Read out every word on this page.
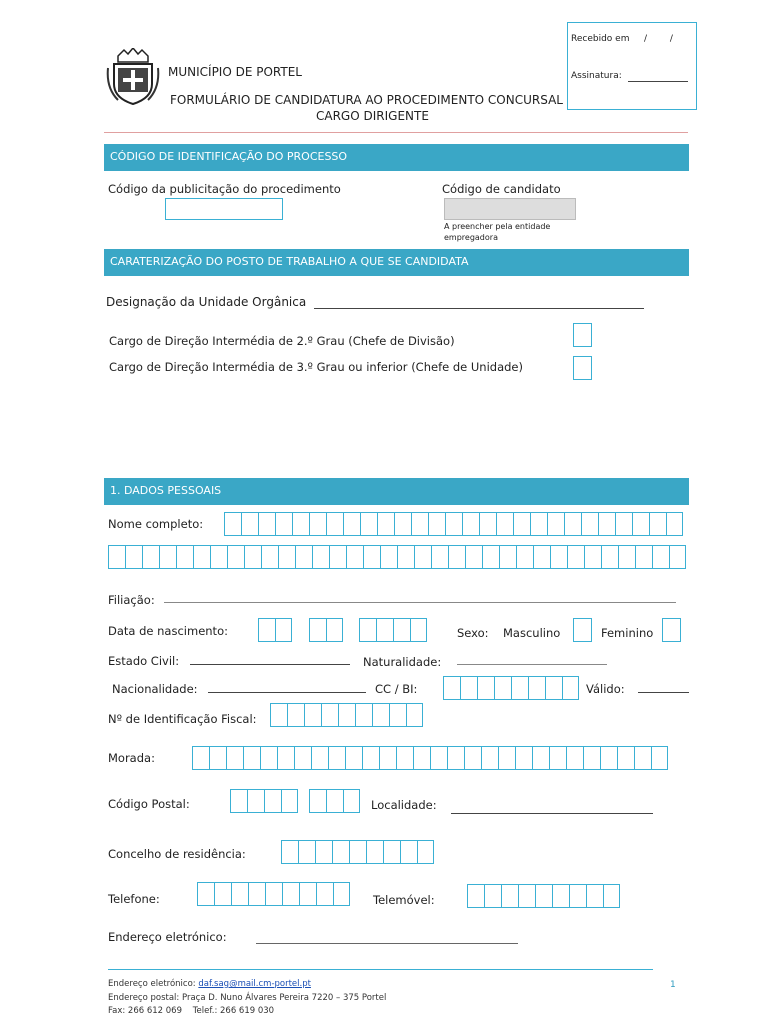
MUNICÍPIO DE PORTEL
FORMULÁRIO DE CANDIDATURA AO PROCEDIMENTO CONCURSAL
CARGO DIRIGENTE
Recebido em /        /
Assinatura:
CÓDIGO DE IDENTIFICAÇÃO DO PROCESSO
Código da publicitação do procedimento	Código de candidato
A preencher pela entidade empregadora
CARATERIZAÇÃO DO POSTO DE TRABALHO A QUE SE CANDIDATA
Designação da Unidade Orgânica
Cargo de Direção Intermédia de 2.º Grau (Chefe de Divisão)
Cargo de Direção Intermédia de 3.º Grau ou inferior (Chefe de Unidade)
1. DADOS PESSOAIS
Nome completo:
Filiação:
Data de nascimento:	Sexo: Masculino	Feminino
Estado Civil:	Naturalidade:
Nacionalidade:	CC / BI:	Válido:
Nº de Identificação Fiscal:
Morada:
Código Postal:	Localidade:
Concelho de residência:
Telefone:	Telemóvel:
Endereço eletrónico:
Endereço eletrónico: daf.sag@mail.cm-portel.pt
Endereço postal: Praça D. Nuno Álvares Pereira 7220 – 375 Portel
Fax: 266 612 069    Telef.: 266 619 030
1
